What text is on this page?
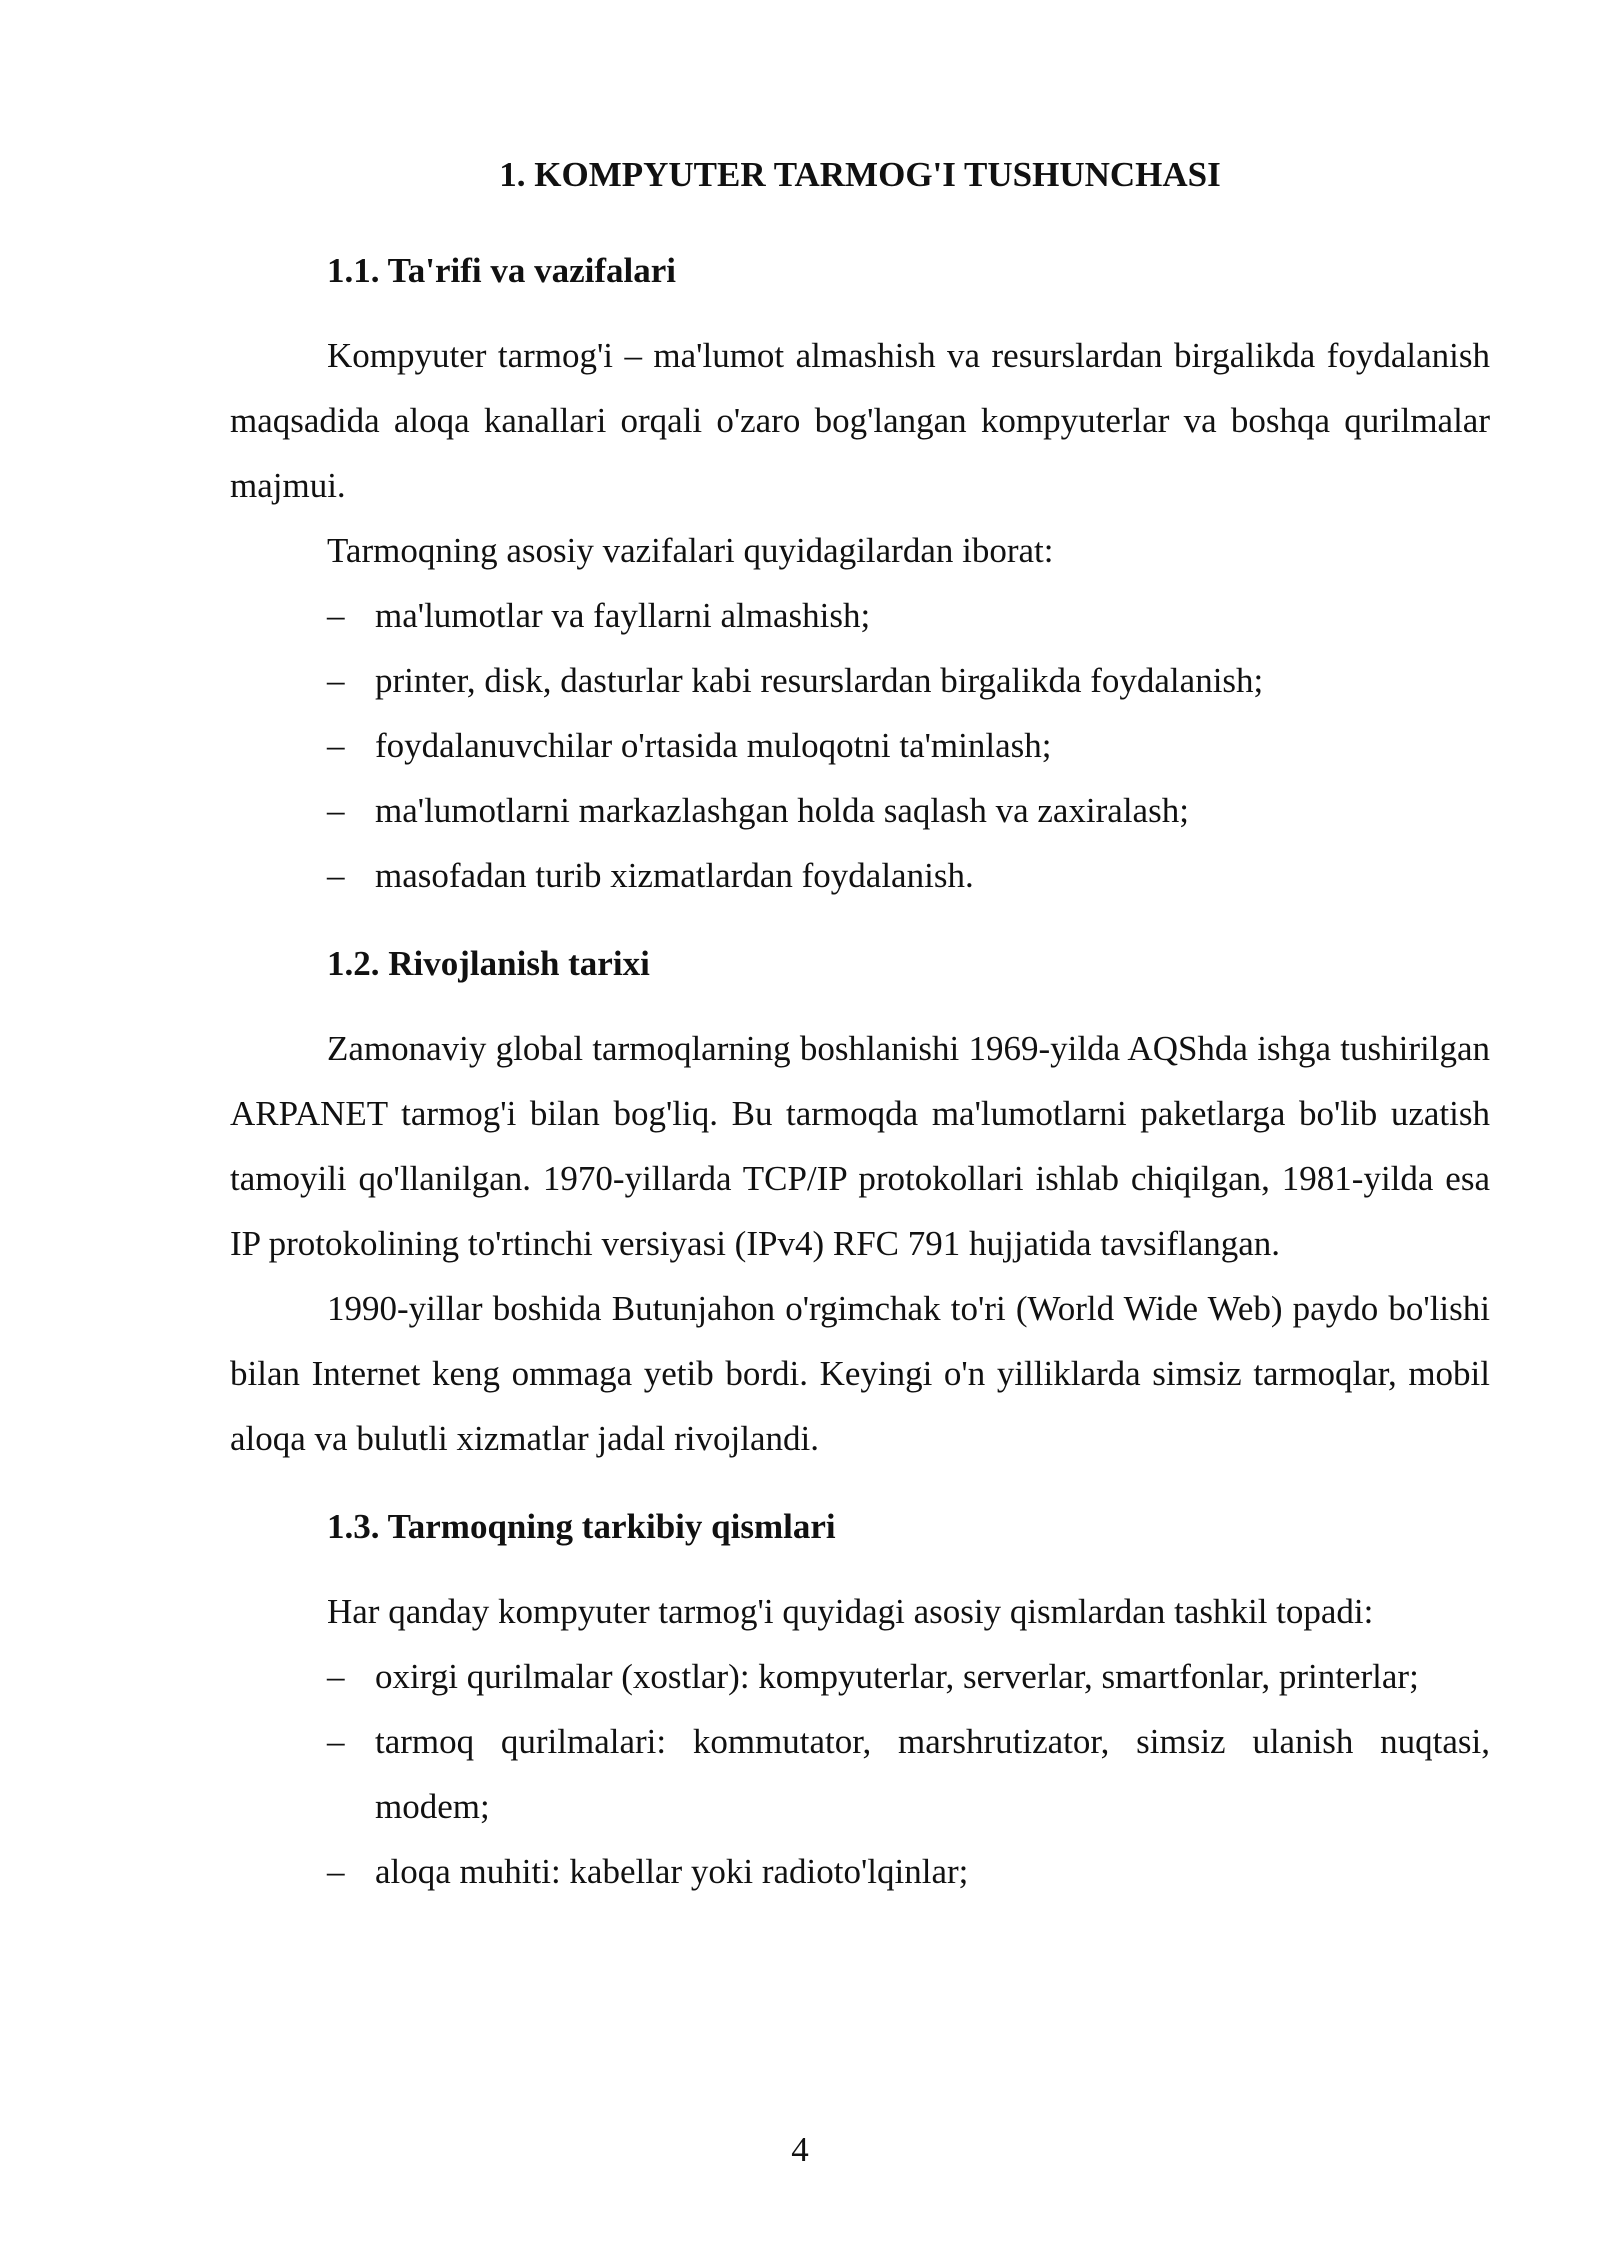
1. KOMPYUTER TARMOG'I TUSHUNCHASI
1.1. Ta'rifi va vazifalari

Kompyuter tarmog'i – ma'lumot almashish va resurslardan birgalikda foydalanish maqsadida aloqa kanallari orqali o'zaro bog'langan kompyuterlar va boshqa qurilmalar majmui.

Tarmoqning asosiy vazifalari quyidagilardan iborat:

– ma'lumotlar va fayllarni almashish;
– printer, disk, dasturlar kabi resurslardan birgalikda foydalanish;
– foydalanuvchilar o'rtasida muloqotni ta'minlash;
– ma'lumotlarni markazlashgan holda saqlash va zaxiralash;
– masofadan turib xizmatlardan foydalanish.
1.2. Rivojlanish tarixi

Zamonaviy global tarmoqlarning boshlanishi 1969-yilda AQShda ishga tushirilgan ARPANET tarmog'i bilan bog'liq. Bu tarmoqda ma'lumotlarni paketlarga bo'lib uzatish tamoyili qo'llanilgan. 1970-yillarda TCP/IP protokollari ishlab chiqilgan, 1981-yilda esa IP protokolining to'rtinchi versiyasi (IPv4) RFC 791 hujjatida tavsiflangan.

1990-yillar boshida Butunjahon o'rgimchak to'ri (World Wide Web) paydo bo'lishi bilan Internet keng ommaga yetib bordi. Keyingi o'n yilliklarda simsiz tarmoqlar, mobil aloqa va bulutli xizmatlar jadal rivojlandi.

1.3. Tarmoqning tarkibiy qismlari

Har qanday kompyuter tarmog'i quyidagi asosiy qismlardan tashkil topadi:

– oxirgi qurilmalar (xostlar): kompyuterlar, serverlar, smartfonlar, printerlar;
– tarmoq qurilmalari: kommutator, marshrutizator, simsiz ulanish nuqtasi, modem;
– aloqa muhiti: kabellar yoki radioto'lqinlar;
4
